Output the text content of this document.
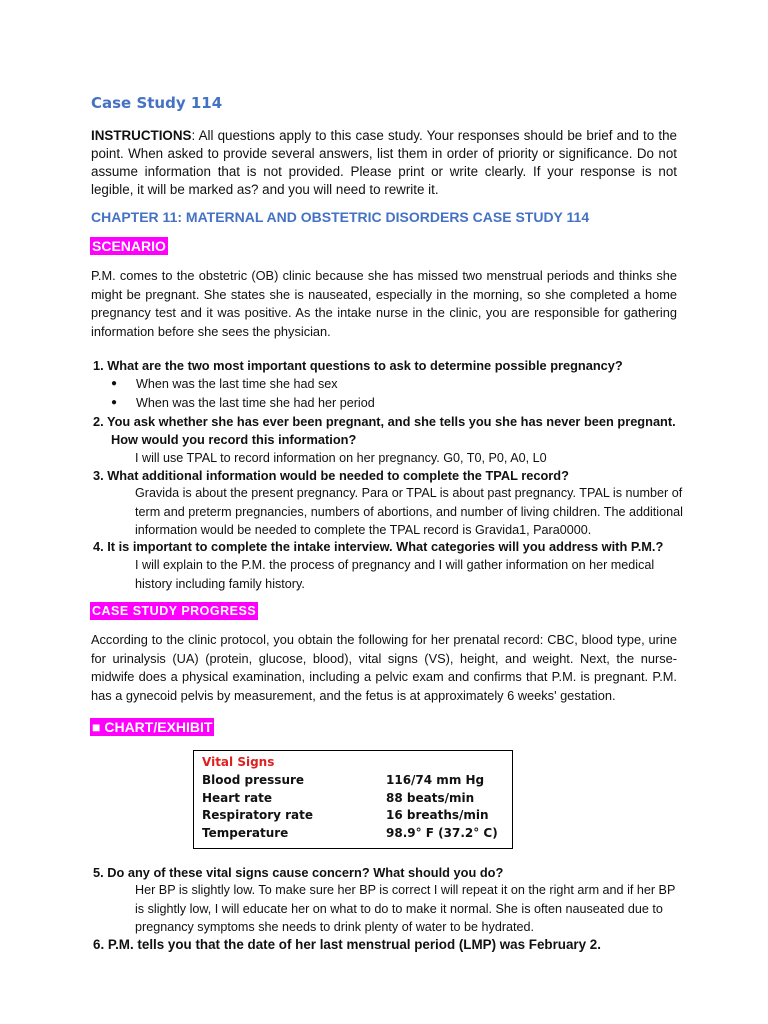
Case Study 114
INSTRUCTIONS: All questions apply to this case study. Your responses should be brief and to the point. When asked to provide several answers, list them in order of priority or significance. Do not assume information that is not provided. Please print or write clearly. If your response is not legible, it will be marked as? and you will need to rewrite it.
CHAPTER 11: MATERNAL AND OBSTETRIC DISORDERS CASE STUDY 114
SCENARIO
P.M. comes to the obstetric (OB) clinic because she has missed two menstrual periods and thinks she might be pregnant. She states she is nauseated, especially in the morning, so she completed a home pregnancy test and it was positive. As the intake nurse in the clinic, you are responsible for gathering information before she sees the physician.
1. What are the two most important questions to ask to determine possible pregnancy?
●	When was the last time she had sex
●	When was the last time she had her period
2. You ask whether she has ever been pregnant, and she tells you she has never been pregnant.
How would you record this information?
I will use TPAL to record information on her pregnancy. G0, T0, P0, A0, L0
3. What additional information would be needed to complete the TPAL record?
Gravida is about the present pregnancy. Para or TPAL is about past pregnancy. TPAL is number of term and preterm pregnancies, numbers of abortions, and number of living children. The additional information would be needed to complete the TPAL record is Gravida1, Para0000.
4. It is important to complete the intake interview. What categories will you address with P.M.?
I will explain to the P.M. the process of pregnancy and I will gather information on her medical history including family history.
CASE STUDY PROGRESS
According to the clinic protocol, you obtain the following for her prenatal record: CBC, blood type, urine for urinalysis (UA) (protein, glucose, blood), vital signs (VS), height, and weight. Next, the nurse-midwife does a physical examination, including a pelvic exam and confirms that P.M. is pregnant. P.M. has a gynecoid pelvis by measurement, and the fetus is at approximately 6 weeks' gestation.
■ CHART/EXHIBIT
Vital Signs
Blood pressure	116/74 mm Hg
Heart rate	88 beats/min
Respiratory rate	16 breaths/min
Temperature	98.9° F (37.2° C)
5. Do any of these vital signs cause concern? What should you do?
Her BP is slightly low. To make sure her BP is correct I will repeat it on the right arm and if her BP is slightly low, I will educate her on what to do to make it normal. She is often nauseated due to pregnancy symptoms she needs to drink plenty of water to be hydrated.
6. P.M. tells you that the date of her last menstrual period (LMP) was February 2.
